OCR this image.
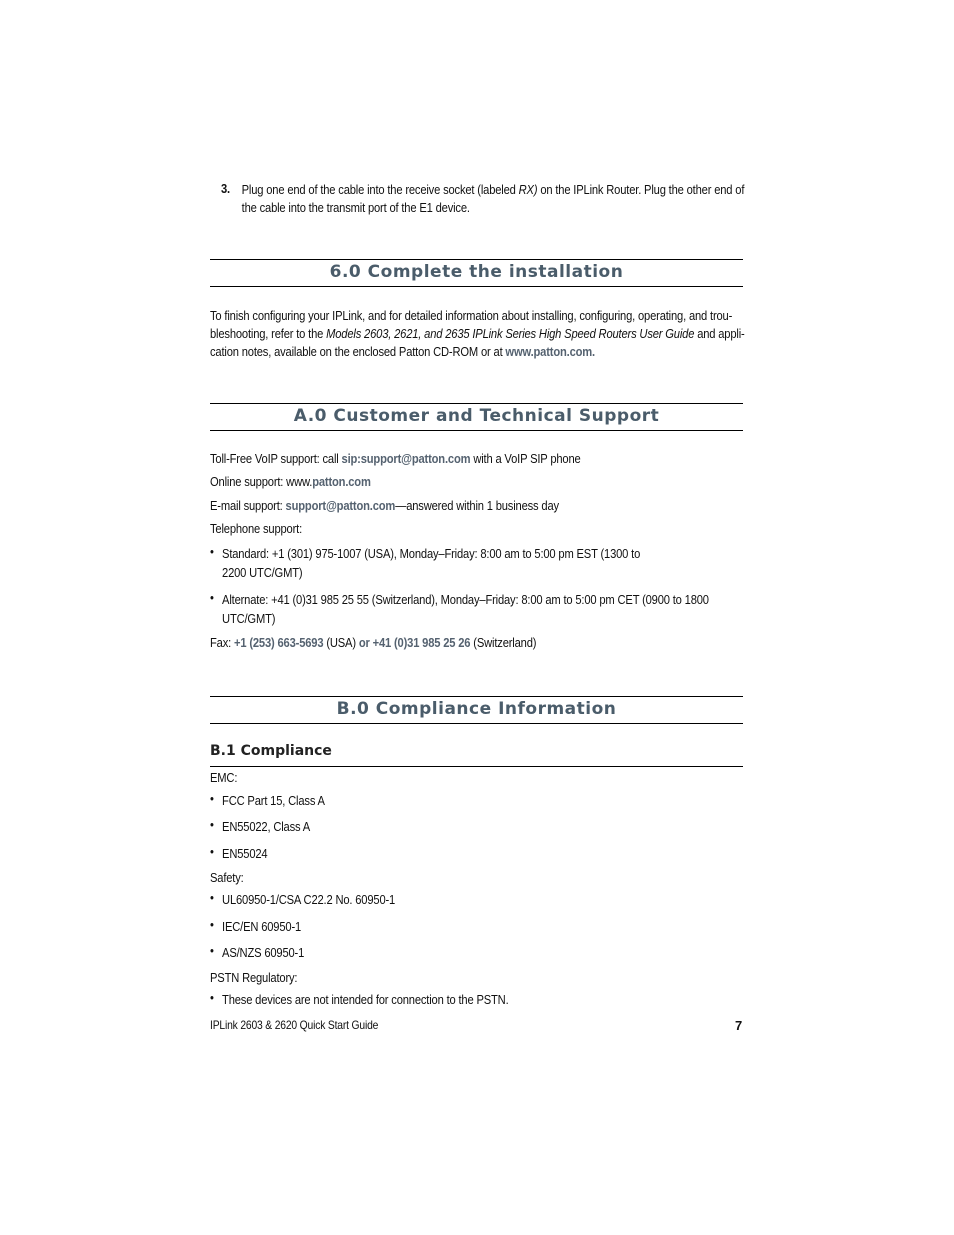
3. Plug one end of the cable into the receive socket (labeled RX) on the IPLink Router. Plug the other end of
the cable into the transmit port of the E1 device.
6.0 Complete the installation
To finish configuring your IPLink, and for detailed information about installing, configuring, operating, and trou-
bleshooting, refer to the Models 2603, 2621, and 2635 IPLink Series High Speed Routers User Guide and appli-
cation notes, available on the enclosed Patton CD-ROM or at www.patton.com.
A.0 Customer and Technical Support
Toll-Free VoIP support: call sip:support@patton.com with a VoIP SIP phone
Online support: www.patton.com
E-mail support: support@patton.com—answered within 1 business day
Telephone support:
• Standard: +1 (301) 975-1007 (USA), Monday–Friday: 8:00 am to 5:00 pm EST (1300 to
2200 UTC/GMT)
• Alternate: +41 (0)31 985 25 55 (Switzerland), Monday–Friday: 8:00 am to 5:00 pm CET (0900 to 1800
UTC/GMT)
Fax: +1 (253) 663-5693 (USA) or +41 (0)31 985 25 26 (Switzerland)
B.0 Compliance Information
B.1 Compliance
EMC:
• FCC Part 15, Class A
• EN55022, Class A
• EN55024
Safety:
• UL60950-1/CSA C22.2 No. 60950-1
• IEC/EN 60950-1
• AS/NZS 60950-1
PSTN Regulatory:
• These devices are not intended for connection to the PSTN.
IPLink 2603 & 2620 Quick Start Guide	7
